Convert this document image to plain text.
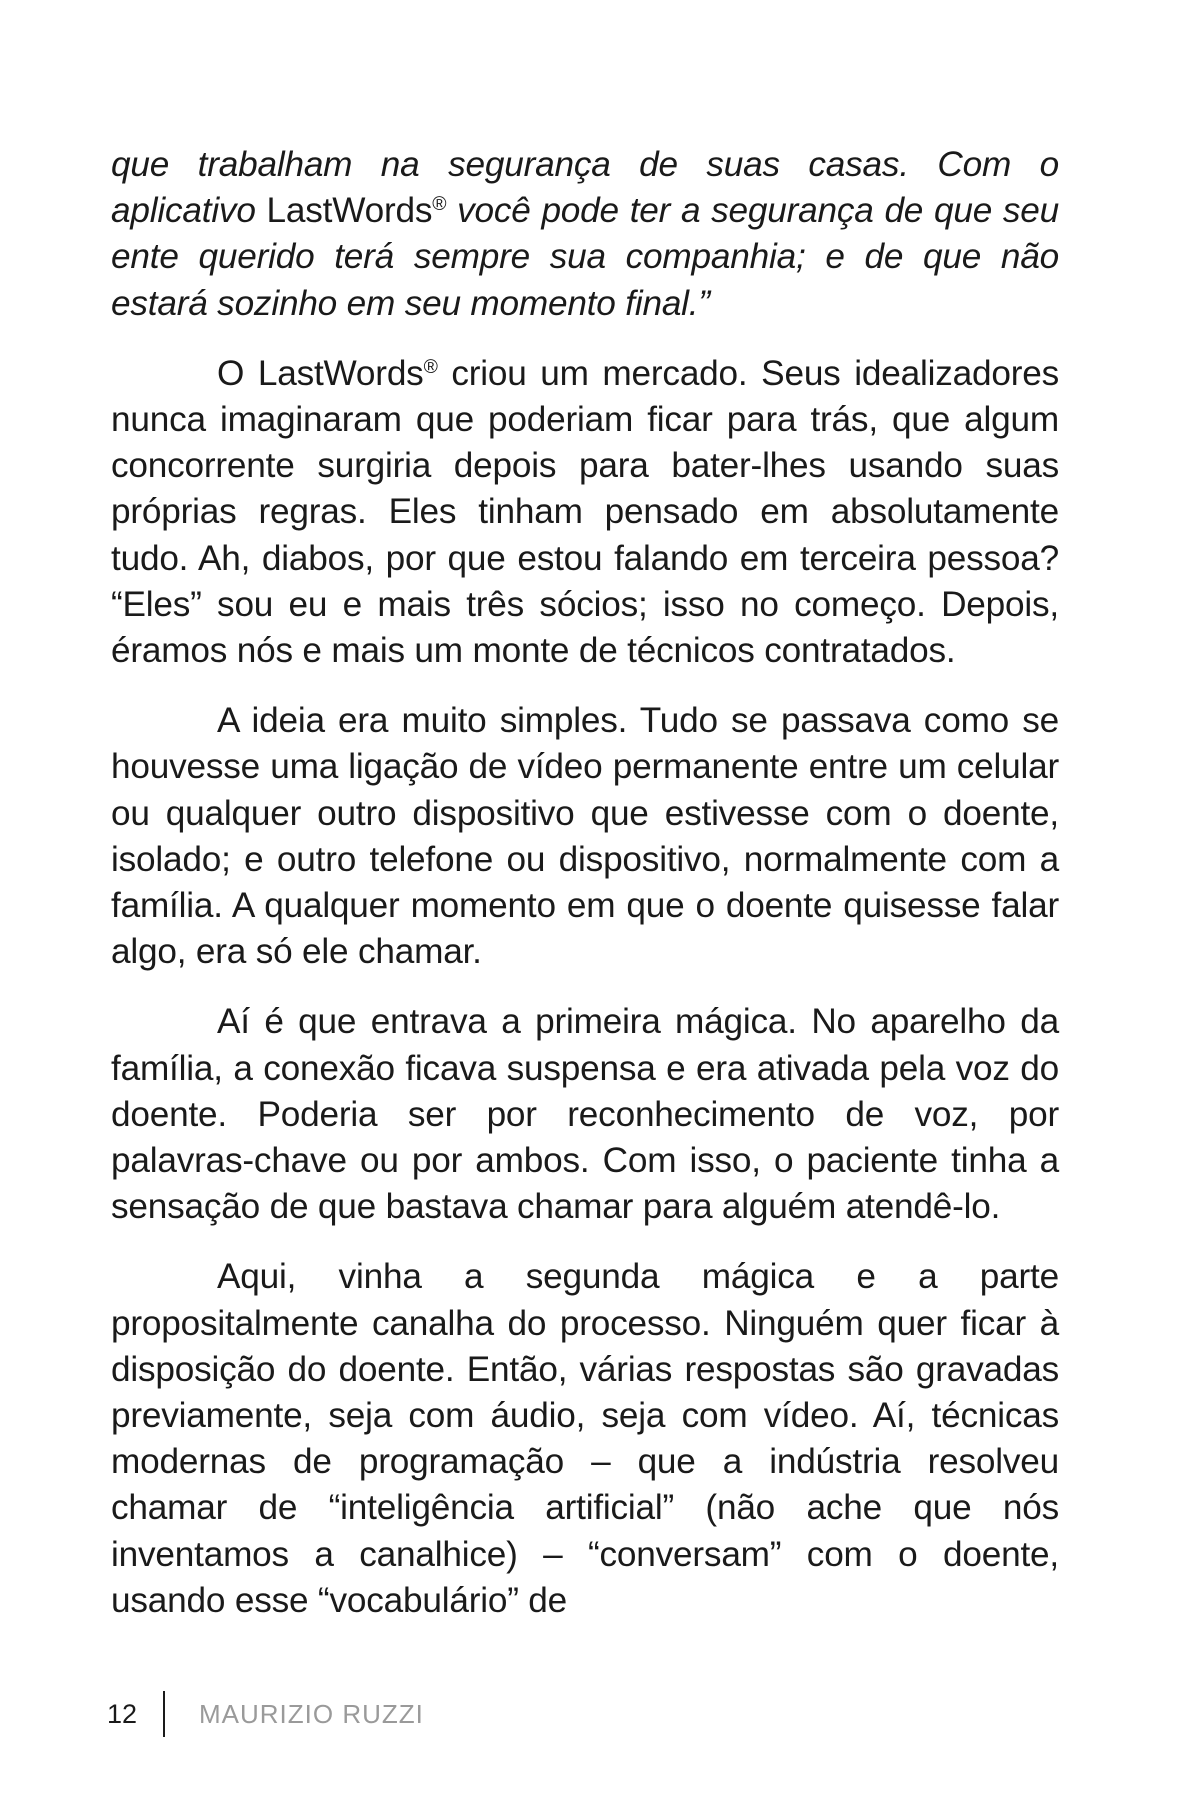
que trabalham na segurança de suas casas. Com o aplicativo LastWords® você pode ter a segurança de que seu ente querido terá sempre sua companhia; e de que não estará sozinho em seu momento final.”

O LastWords® criou um mercado. Seus idealizadores nunca imaginaram que poderiam ficar para trás, que algum concorrente surgiria depois para bater-lhes usando suas próprias regras. Eles tinham pensado em absolutamente tudo. Ah, diabos, por que estou falando em terceira pessoa? “Eles” sou eu e mais três sócios; isso no começo. Depois, éramos nós e mais um monte de técnicos contratados.

A ideia era muito simples. Tudo se passava como se houvesse uma ligação de vídeo permanente entre um celular ou qualquer outro dispositivo que estivesse com o doente, isolado; e outro telefone ou dispositivo, normalmente com a família. A qualquer momento em que o doente quisesse falar algo, era só ele chamar.

Aí é que entrava a primeira mágica. No aparelho da família, a conexão ficava suspensa e era ativada pela voz do doente. Poderia ser por reconhecimento de voz, por palavras-chave ou por ambos. Com isso, o paciente tinha a sensação de que bastava chamar para alguém atendê-lo.

Aqui, vinha a segunda mágica e a parte propositalmente canalha do processo. Ninguém quer ficar à disposição do doente. Então, várias respostas são gravadas previamente, seja com áudio, seja com vídeo. Aí, técnicas modernas de programação – que a indústria resolveu chamar de “inteligência artificial” (não ache que nós inventamos a canalhice) – “conversam” com o doente, usando esse “vocabulário” de

12	MAURIZIO RUZZI
